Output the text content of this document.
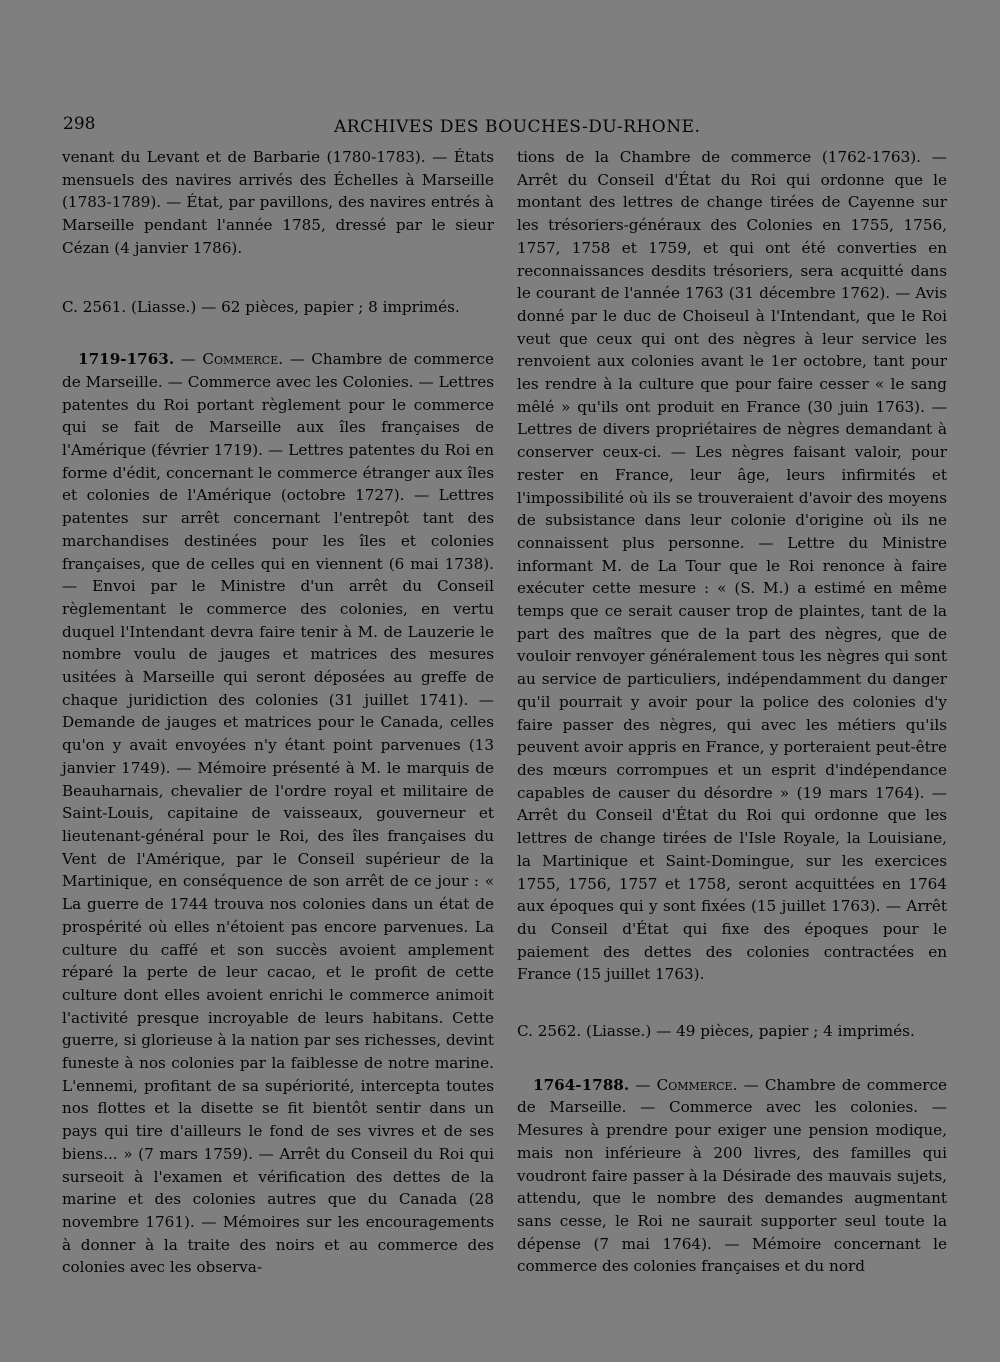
298	ARCHIVES DES BOUCHES-DU-RHONE.

venant du Levant et de Barbarie (1780-1783). — États mensuels des navires arrivés des Échelles à Marseille (1783-1789). — État, par pavillons, des navires entrés à Marseille pendant l'année 1785, dressé par le sieur Cézan (4 janvier 1786).

C. 2561. (Liasse.) — 62 pièces, papier ; 8 imprimés.

1719-1763. — Commerce. — Chambre de commerce de Marseille. — Commerce avec les Colonies. — Lettres patentes du Roi portant règlement pour le commerce qui se fait de Marseille aux îles françaises de l'Amérique (février 1719). — Lettres patentes du Roi en forme d'édit, concernant le commerce étranger aux îles et colonies de l'Amérique (octobre 1727). — Lettres patentes sur arrêt concernant l'entrepôt tant des marchandises destinées pour les îles et colonies françaises, que de celles qui en viennent (6 mai 1738). — Envoi par le Ministre d'un arrêt du Conseil règlementant le commerce des colonies, en vertu duquel l'Intendant devra faire tenir à M. de Lauzerie le nombre voulu de jauges et matrices des mesures usitées à Marseille qui seront déposées au greffe de chaque juridiction des colonies (31 juillet 1741). — Demande de jauges et matrices pour le Canada, celles qu'on y avait envoyées n'y étant point parvenues (13 janvier 1749). — Mémoire présenté à M. le marquis de Beauharnais, chevalier de l'ordre royal et militaire de Saint-Louis, capitaine de vaisseaux, gouverneur et lieutenant-général pour le Roi, des îles françaises du Vent de l'Amérique, par le Conseil supérieur de la Martinique, en conséquence de son arrêt de ce jour : « La guerre de 1744 trouva nos colonies dans un état de prospérité où elles n'étoient pas encore parvenues. La culture du caffé et son succès avoient amplement réparé la perte de leur cacao, et le profit de cette culture dont elles avoient enrichi le commerce animoit l'activité presque incroyable de leurs habitans. Cette guerre, si glorieuse à la nation par ses richesses, devint funeste à nos colonies par la faiblesse de notre marine. L'ennemi, profitant de sa supériorité, intercepta toutes nos flottes et la disette se fit bientôt sentir dans un pays qui tire d'ailleurs le fond de ses vivres et de ses biens... » (7 mars 1759). — Arrêt du Conseil du Roi qui surseoit à l'examen et vérification des dettes de la marine et des colonies autres que du Canada (28 novembre 1761). — Mémoires sur les encouragements à donner à la traite des noirs et au commerce des colonies avec les observa-

tions de la Chambre de commerce (1762-1763). — Arrêt du Conseil d'État du Roi qui ordonne que le montant des lettres de change tirées de Cayenne sur les trésoriers-généraux des Colonies en 1755, 1756, 1757, 1758 et 1759, et qui ont été converties en reconnaissances desdits trésoriers, sera acquitté dans le courant de l'année 1763 (31 décembre 1762). — Avis donné par le duc de Choiseul à l'Intendant, que le Roi veut que ceux qui ont des nègres à leur service les renvoient aux colonies avant le 1er octobre, tant pour les rendre à la culture que pour faire cesser « le sang mêlé » qu'ils ont produit en France (30 juin 1763). — Lettres de divers propriétaires de nègres demandant à conserver ceux-ci. — Les nègres faisant valoir, pour rester en France, leur âge, leurs infirmités et l'impossibilité où ils se trouveraient d'avoir des moyens de subsistance dans leur colonie d'origine où ils ne connaissent plus personne. — Lettre du Ministre informant M. de La Tour que le Roi renonce à faire exécuter cette mesure : « (S. M.) a estimé en même temps que ce serait causer trop de plaintes, tant de la part des maîtres que de la part des nègres, que de vouloir renvoyer généralement tous les nègres qui sont au service de particuliers, indépendamment du danger qu'il pourrait y avoir pour la police des colonies d'y faire passer des nègres, qui avec les métiers qu'ils peuvent avoir appris en France, y porteraient peut-être des mœurs corrompues et un esprit d'indépendance capables de causer du désordre » (19 mars 1764). — Arrêt du Conseil d'État du Roi qui ordonne que les lettres de change tirées de l'Isle Royale, la Louisiane, la Martinique et Saint-Domingue, sur les exercices 1755, 1756, 1757 et 1758, seront acquittées en 1764 aux époques qui y sont fixées (15 juillet 1763). — Arrêt du Conseil d'État qui fixe des époques pour le paiement des dettes des colonies contractées en France (15 juillet 1763).

C. 2562. (Liasse.) — 49 pièces, papier ; 4 imprimés.

1764-1788. — Commerce. — Chambre de commerce de Marseille. — Commerce avec les colonies. — Mesures à prendre pour exiger une pension modique, mais non inférieure à 200 livres, des familles qui voudront faire passer à la Désirade des mauvais sujets, attendu, que le nombre des demandes augmentant sans cesse, le Roi ne saurait supporter seul toute la dépense (7 mai 1764). — Mémoire concernant le commerce des colonies françaises et du nord
